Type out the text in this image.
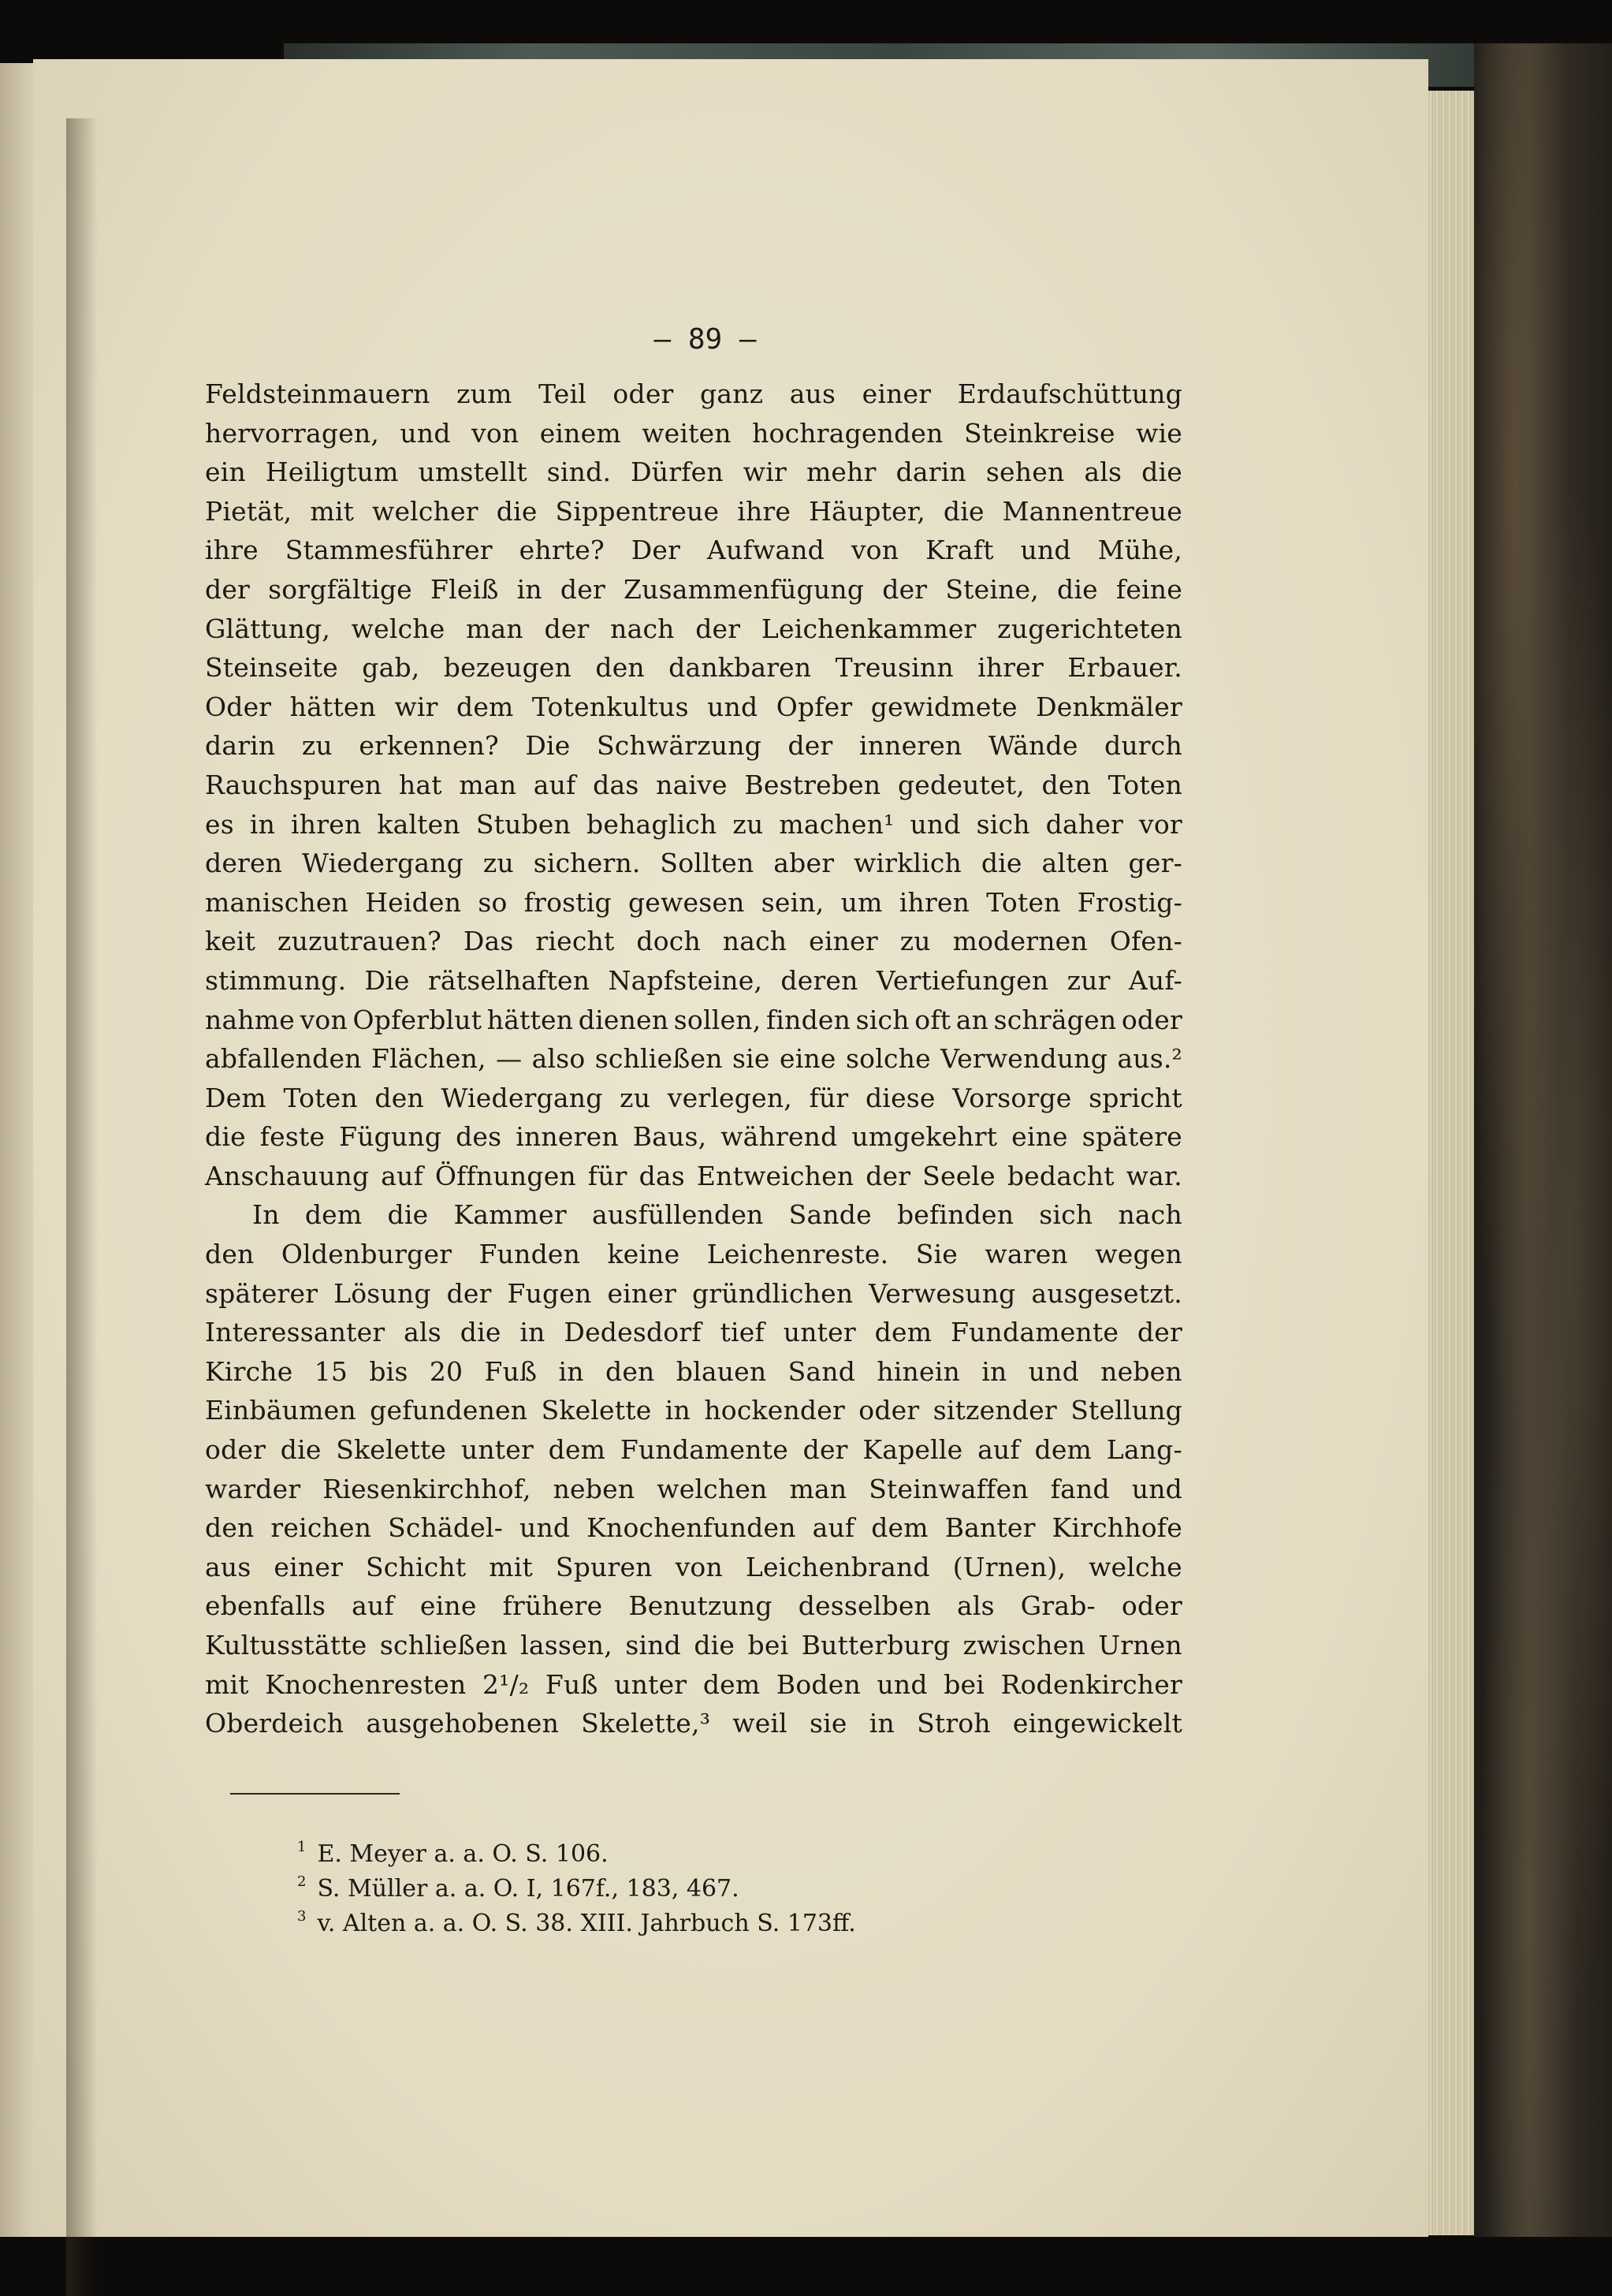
— 89 —
Feldsteinmauern zum Teil oder ganz aus einer Erdaufschüttung
hervorragen, und von einem weiten hochragenden Steinkreise wie
ein Heiligtum umstellt sind. Dürfen wir mehr darin sehen als die
Pietät, mit welcher die Sippentreue ihre Häupter, die Mannentreue
ihre Stammesführer ehrte? Der Aufwand von Kraft und Mühe,
der sorgfältige Fleiß in der Zusammenfügung der Steine, die feine
Glättung, welche man der nach der Leichenkammer zugerichteten
Steinseite gab, bezeugen den dankbaren Treusinn ihrer Erbauer.
Oder hätten wir dem Totenkultus und Opfer gewidmete Denkmäler
darin zu erkennen? Die Schwärzung der inneren Wände durch
Rauchspuren hat man auf das naive Bestreben gedeutet, den Toten
es in ihren kalten Stuben behaglich zu machen¹ und sich daher vor
deren Wiedergang zu sichern. Sollten aber wirklich die alten ger-
manischen Heiden so frostig gewesen sein, um ihren Toten Frostig-
keit zuzutrauen? Das riecht doch nach einer zu modernen Ofen-
stimmung. Die rätselhaften Napfsteine, deren Vertiefungen zur Auf-
nahme von Opferblut hätten dienen sollen, finden sich oft an schrägen oder
abfallenden Flächen, — also schließen sie eine solche Verwendung aus.²
Dem Toten den Wiedergang zu verlegen, für diese Vorsorge spricht
die feste Fügung des inneren Baus, während umgekehrt eine spätere
Anschauung auf Öffnungen für das Entweichen der Seele bedacht war.
In dem die Kammer ausfüllenden Sande befinden sich nach
den Oldenburger Funden keine Leichenreste. Sie waren wegen
späterer Lösung der Fugen einer gründlichen Verwesung ausgesetzt.
Interessanter als die in Dedesdorf tief unter dem Fundamente der
Kirche 15 bis 20 Fuß in den blauen Sand hinein in und neben
Einbäumen gefundenen Skelette in hockender oder sitzender Stellung
oder die Skelette unter dem Fundamente der Kapelle auf dem Lang-
warder Riesenkirchhof, neben welchen man Steinwaffen fand und
den reichen Schädel- und Knochenfunden auf dem Banter Kirchhofe
aus einer Schicht mit Spuren von Leichenbrand (Urnen), welche
ebenfalls auf eine frühere Benutzung desselben als Grab- oder
Kultusstätte schließen lassen, sind die bei Butterburg zwischen Urnen
mit Knochenresten 2¹/₂ Fuß unter dem Boden und bei Rodenkircher
Oberdeich ausgehobenen Skelette,³ weil sie in Stroh eingewickelt
$^1$ E. Meyer a. a. O. S. 106.
$^2$ S. Müller a. a. O. I, 167f., 183, 467.
$^3$ v. Alten a. a. O. S. 38. XIII. Jahrbuch S. 173ff.
